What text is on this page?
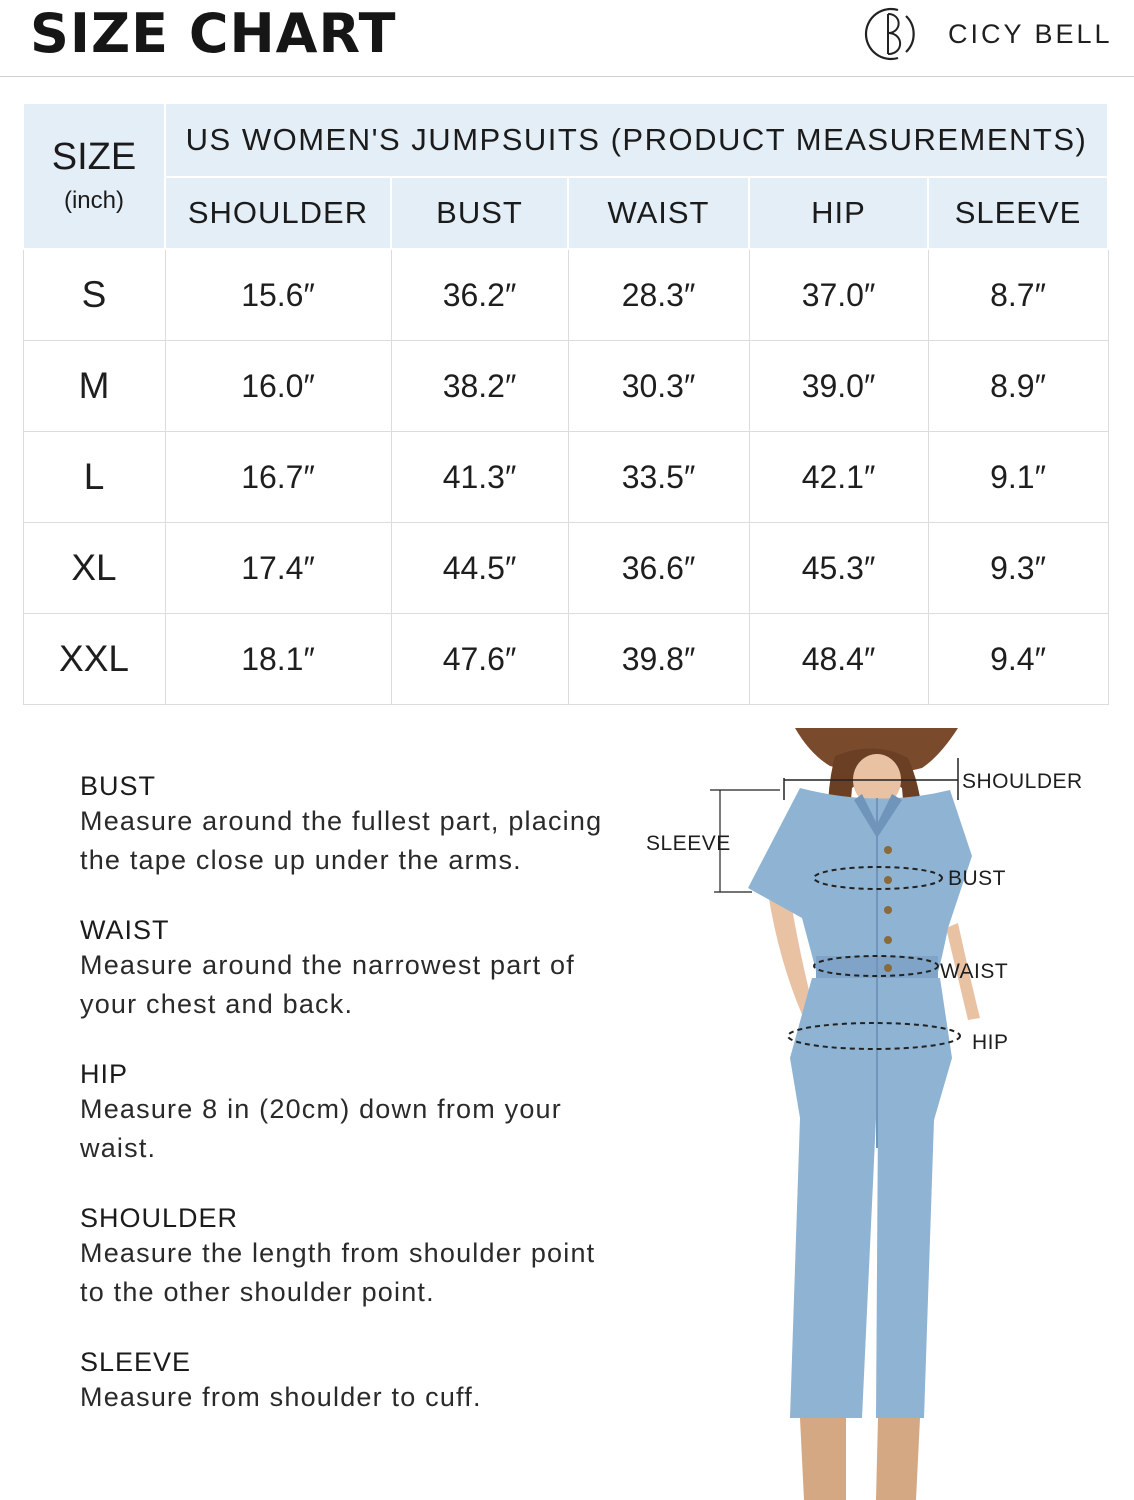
SIZE CHART	CICY BELL
SIZE
(inch)	US WOMEN'S JUMPSUITS (PRODUCT MEASUREMENTS)				
	SHOULDER	BUST	WAIST	HIP	SLEEVE
S	15.6″	36.2″	28.3″	37.0″	8.7″
M	16.0″	38.2″	30.3″	39.0″	8.9″
L	16.7″	41.3″	33.5″	42.1″	9.1″
XL	17.4″	44.5″	36.6″	45.3″	9.3″
XXL	18.1″	47.6″	39.8″	48.4″	9.4″
BUST
Measure around the fullest part, placing
the tape close up under the arms.
WAIST
Measure around the narrowest part of
your chest and back.
HIP
Measure 8 in (20cm) down from your
waist.
SHOULDER
Measure the length from shoulder point
to the other shoulder point.
SLEEVE
Measure from shoulder to cuff.
SHOULDER
SLEEVE
BUST
WAIST
HIP
